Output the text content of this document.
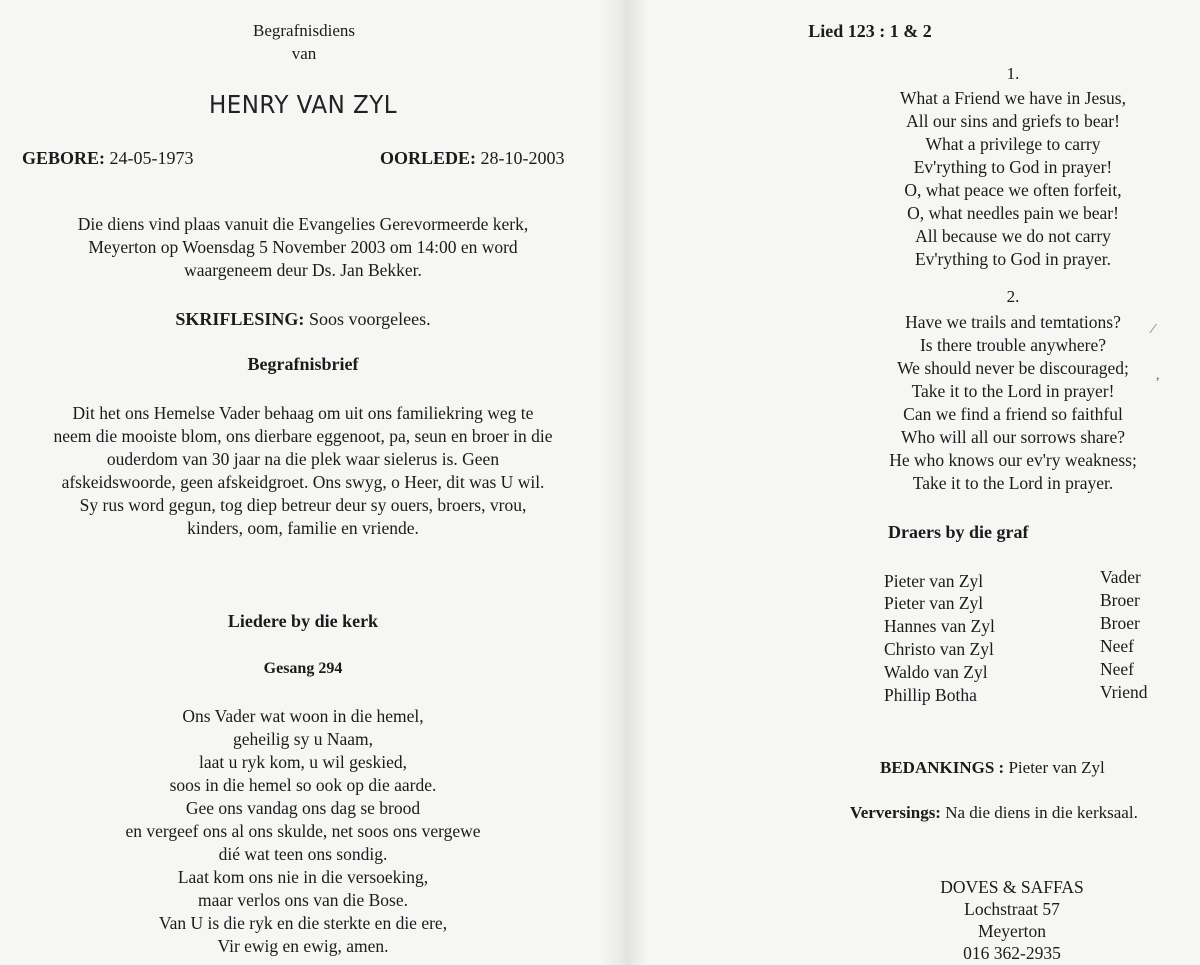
Begrafnisdiens
van
HENRY VAN ZYL
GEBORE: 24-05-1973	OORLEDE: 28-10-2003
Die diens vind plaas vanuit die Evangelies Gerevormeerde kerk,
Meyerton op Woensdag 5 November 2003 om 14:00 en word
waargeneem deur Ds. Jan Bekker.
SKRIFLESING: Soos voorgelees.
Begrafnisbrief
Dit het ons Hemelse Vader behaag om uit ons familiekring weg te
neem die mooiste blom, ons dierbare eggenoot, pa, seun en broer in die
ouderdom van 30 jaar na die plek waar sielerus is. Geen
afskeidswoorde, geen afskeidgroet. Ons swyg, o Heer, dit was U wil.
Sy rus word gegun, tog diep betreur deur sy ouers, broers, vrou,
kinders, oom, familie en vriende.
Liedere by die kerk
Gesang 294
Ons Vader wat woon in die hemel,
geheilig sy u Naam,
laat u ryk kom, u wil geskied,
soos in die hemel so ook op die aarde.
Gee ons vandag ons dag se brood
en vergeef ons al ons skulde, net soos ons vergewe
dié wat teen ons sondig.
Laat kom ons nie in die versoeking,
maar verlos ons van die Bose.
Van U is die ryk en die sterkte en die ere,
Vir ewig en ewig, amen.
Lied 123 : 1 & 2
1.
What a Friend we have in Jesus,
All our sins and griefs to bear!
What a privilege to carry
Ev'rything to God in prayer!
O, what peace we often forfeit,
O, what needles pain we bear!
All because we do not carry
Ev'rything to God in prayer.
2.
Have we trails and temtations?
Is there trouble anywhere?
We should never be discouraged;
Take it to the Lord in prayer!
Can we find a friend so faithful
Who will all our sorrows share?
He who knows our ev'ry weakness;
Take it to the Lord in prayer.
⁄
,
Draers by die graf
Pieter van Zyl	Vader
Pieter van Zyl	Broer
Hannes van Zyl	Broer
Christo van Zyl	Neef
Waldo van Zyl	Neef
Phillip Botha	Vriend
BEDANKINGS : Pieter van Zyl
Verversings: Na die diens in die kerksaal.
DOVES & SAFFAS
Lochstraat 57
Meyerton
016 362-2935
